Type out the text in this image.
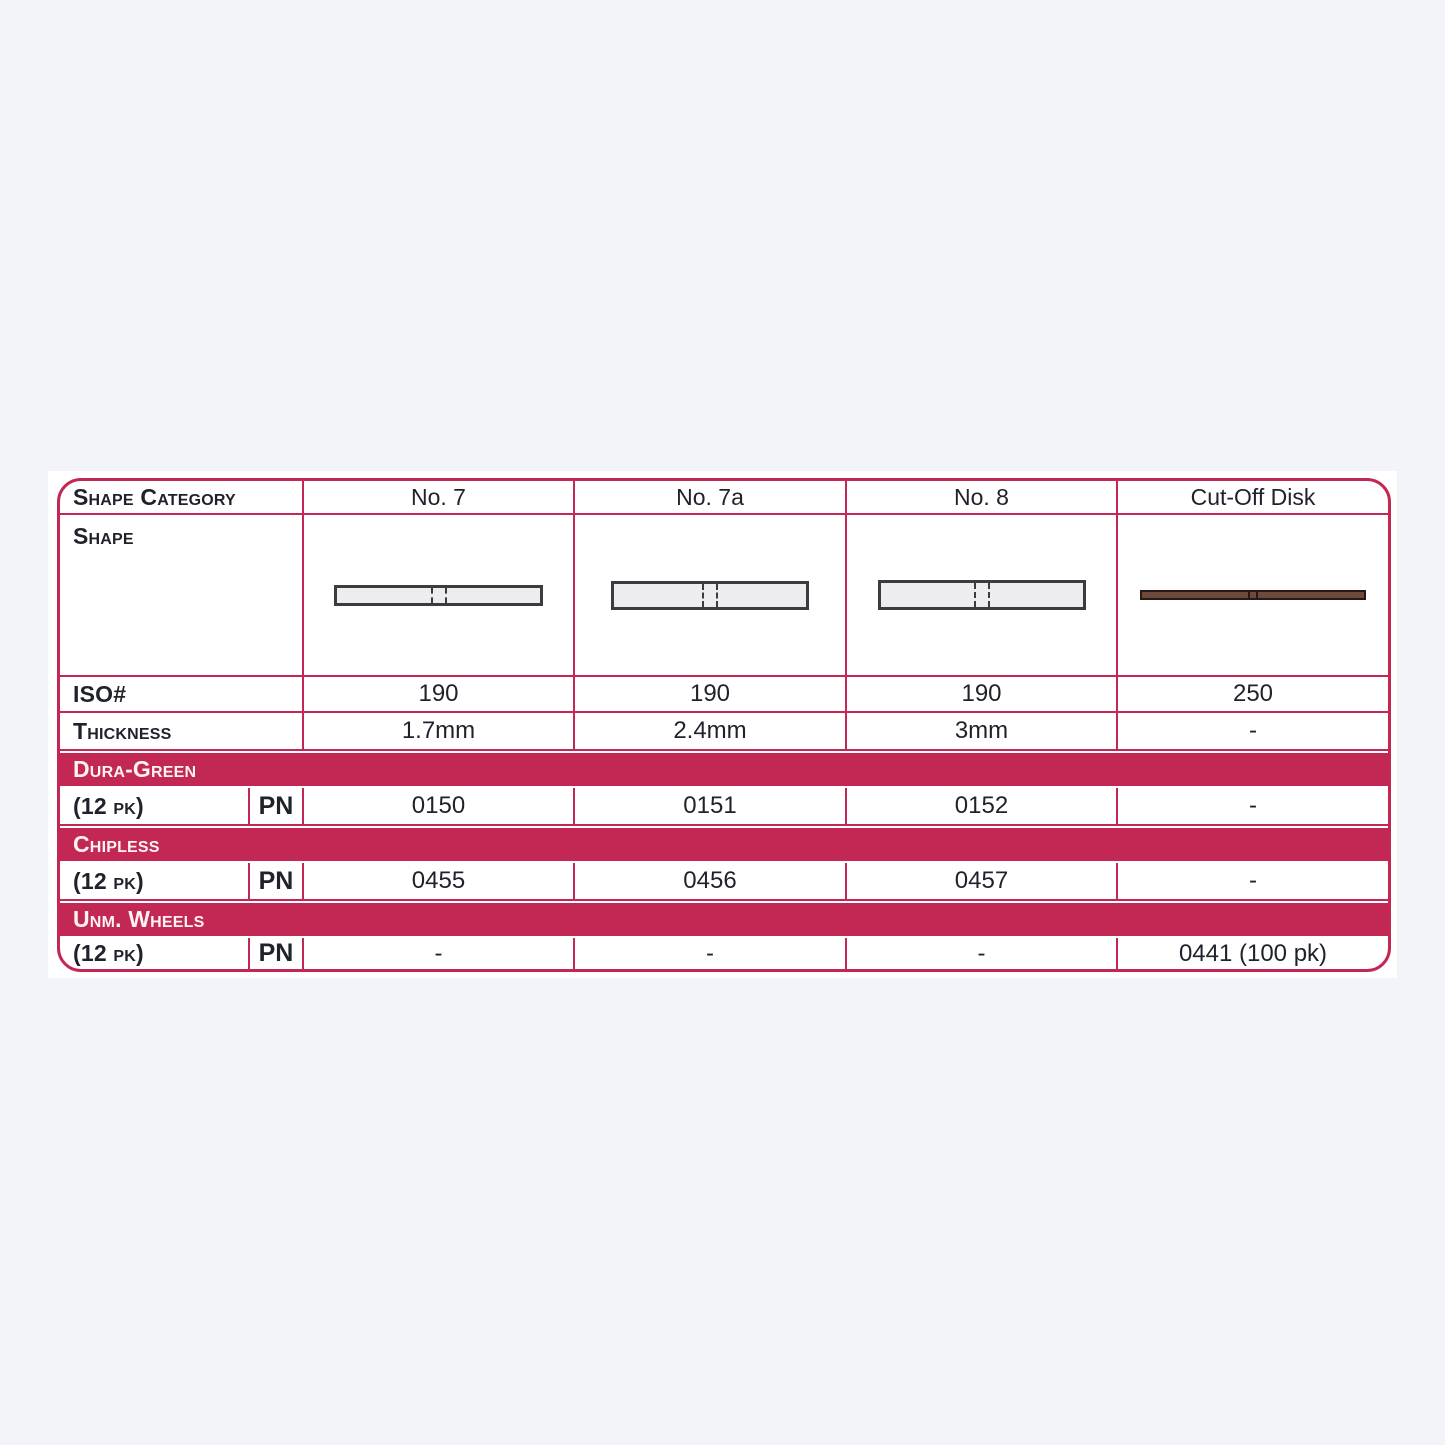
Shape Category	No. 7	No. 7a	No. 8	Cut-Off Disk
Shape
ISO#	190	190	190	250
Thickness	1.7mm	2.4mm	3mm	-
Dura-Green
(12 pk)	PN	0150	0151	0152	-
Chipless
(12 pk)	PN	0455	0456	0457	-
Unm. Wheels
(12 pk)	PN	-	-	-	0441 (100 pk)
